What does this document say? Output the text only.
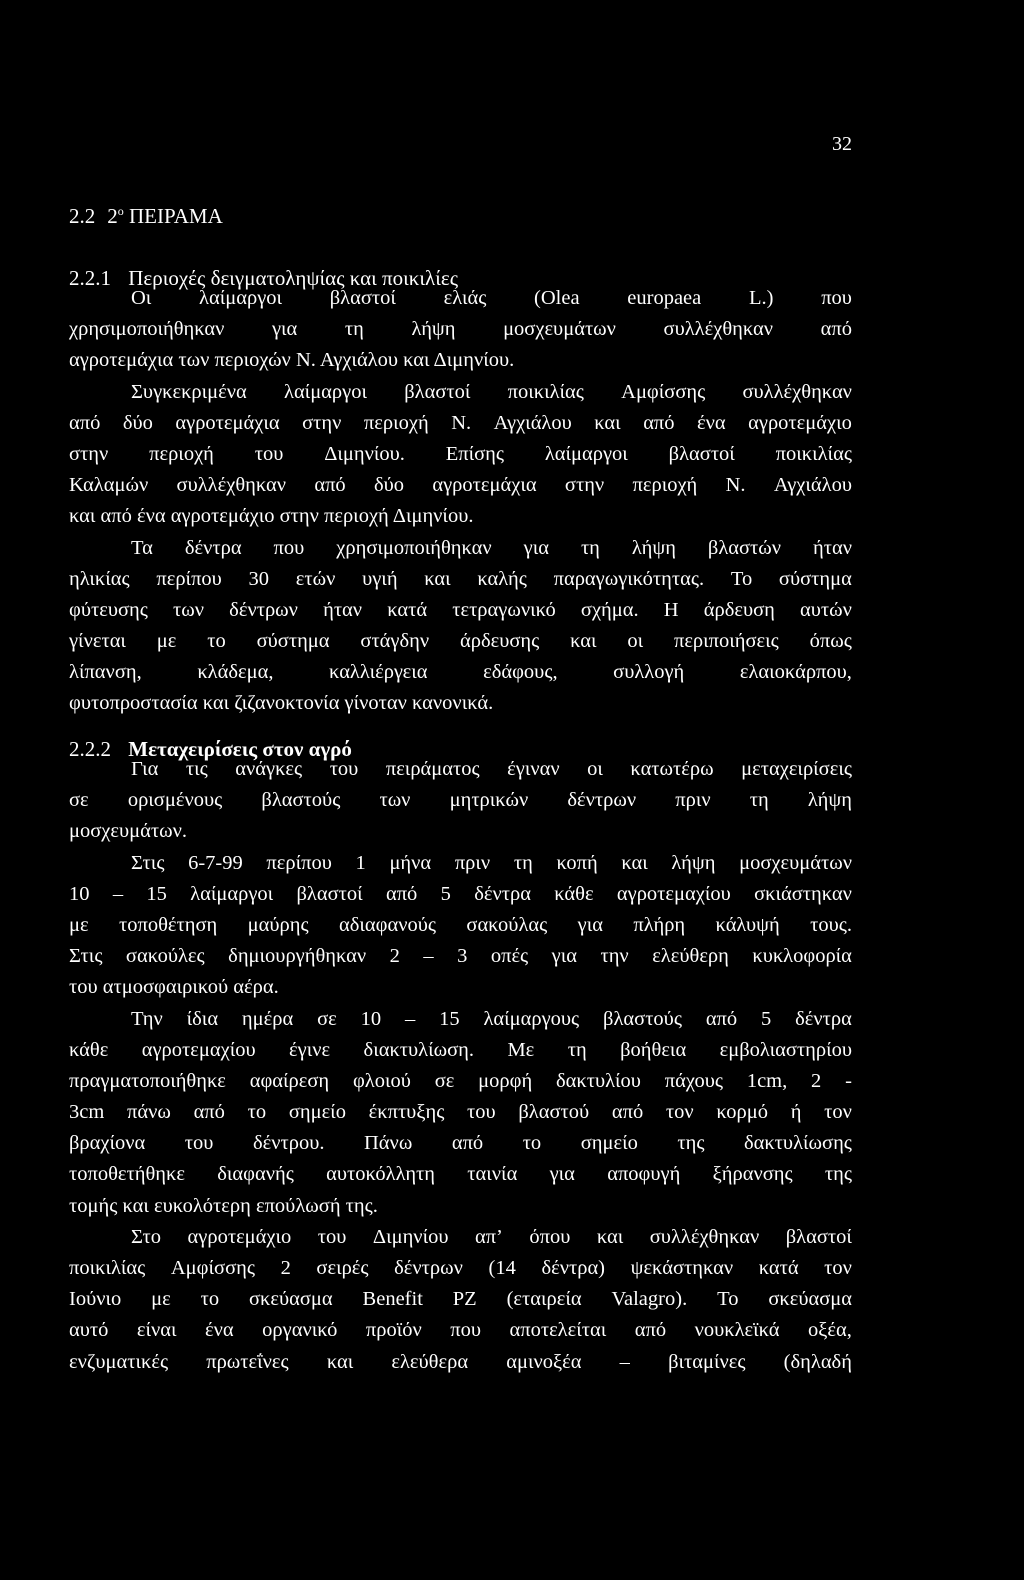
32
2.2 $2^o$ ΠΕΙΡΑΜΑ
2.2.1 Περιοχές δειγματοληψίας και ποικιλίες
Οι λαίμαργοι βλαστοί ελιάς (Olea europaea L.) που
χρησιμοποιήθηκαν για τη λήψη μοσχευμάτων συλλέχθηκαν από
αγροτεμάχια των περιοχών Ν. Αγχιάλου και Διμηνίου.
Συγκεκριμένα λαίμαργοι βλαστοί ποικιλίας Αμφίσσης συλλέχθηκαν
από δύο αγροτεμάχια στην περιοχή Ν. Αγχιάλου και από ένα αγροτεμάχιο
στην περιοχή του Διμηνίου. Επίσης λαίμαργοι βλαστοί ποικιλίας
Καλαμών συλλέχθηκαν από δύο αγροτεμάχια στην περιοχή Ν. Αγχιάλου
και από ένα αγροτεμάχιο στην περιοχή Διμηνίου.
Τα δέντρα που χρησιμοποιήθηκαν για τη λήψη βλαστών ήταν
ηλικίας περίπου 30 ετών υγιή και καλής παραγωγικότητας. Το σύστημα
φύτευσης των δέντρων ήταν κατά τετραγωνικό σχήμα. Η άρδευση αυτών
γίνεται με το σύστημα στάγδην άρδευσης και οι περιποιήσεις όπως
λίπανση,	κλάδεμα,	καλλιέργεια	εδάφους,	συλλογή	ελαιοκάρπου,
φυτοπροστασία και ζιζανοκτονία γίνοταν κανονικά.
2.2.2 Μεταχειρίσεις στον αγρό
Για τις ανάγκες του πειράματος έγιναν οι κατωτέρω μεταχειρίσεις
σε ορισμένους βλαστούς των μητρικών δέντρων πριν τη λήψη
μοσχευμάτων.
Στις 6-7-99 περίπου 1 μήνα πριν τη κοπή και λήψη μοσχευμάτων
10 – 15 λαίμαργοι βλαστοί από 5 δέντρα κάθε αγροτεμαχίου σκιάστηκαν
με τοποθέτηση μαύρης αδιαφανούς σακούλας για πλήρη κάλυψή τους.
Στις σακούλες δημιουργήθηκαν 2 – 3 οπές για την ελεύθερη κυκλοφορία
του ατμοσφαιρικού αέρα.
Την ίδια ημέρα σε 10 – 15 λαίμαργους βλαστούς από 5 δέντρα
κάθε αγροτεμαχίου έγινε διακτυλίωση. Με τη βοήθεια εμβολιαστηρίου
πραγματοποιήθηκε αφαίρεση φλοιού σε μορφή δακτυλίου πάχους 1cm, 2 -
3cm πάνω από το σημείο έκπτυξης του βλαστού από τον κορμό ή τον
βραχίονα του δέντρου. Πάνω από το σημείο της δακτυλίωσης
τοποθετήθηκε διαφανής αυτοκόλλητη ταινία για αποφυγή ξήρανσης της
τομής και ευκολότερη επούλωσή της.
Στο αγροτεμάχιο του Διμηνίου απ’ όπου και συλλέχθηκαν βλαστοί
ποικιλίας Αμφίσσης 2 σειρές δέντρων (14 δέντρα) ψεκάστηκαν κατά τον
Ιούνιο με το σκεύασμα Benefit PZ (εταιρεία Valagro). Το σκεύασμα
αυτό είναι ένα οργανικό προϊόν που αποτελείται από νουκλεϊκά οξέα,
ενζυματικές πρωτεΐνες και ελεύθερα αμινοξέα – βιταμίνες (δηλαδή
